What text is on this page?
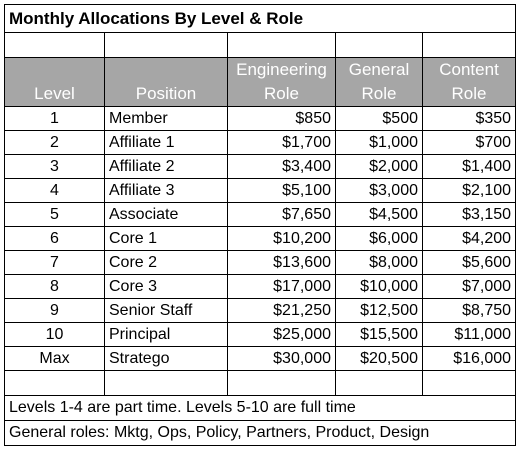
Monthly Allocations By Level & Role				

		Engineering	General	Content
Level	Position	Role	Role	Role
1	Member	$850	$500	$350
2	Affiliate 1	$1,700	$1,000	$700
3	Affiliate 2	$3,400	$2,000	$1,400
4	Affiliate 3	$5,100	$3,000	$2,100
5	Associate	$7,650	$4,500	$3,150
6	Core 1	$10,200	$6,000	$4,200
7	Core 2	$13,600	$8,000	$5,600
8	Core 3	$17,000	$10,000	$7,000
9	Senior Staff	$21,250	$12,500	$8,750
10	Principal	$25,000	$15,500	$11,000
Max	Stratego	$30,000	$20,500	$16,000

Levels 1-4 are part time. Levels 5-10 are full time				
General roles: Mktg, Ops, Policy, Partners, Product, Design				
